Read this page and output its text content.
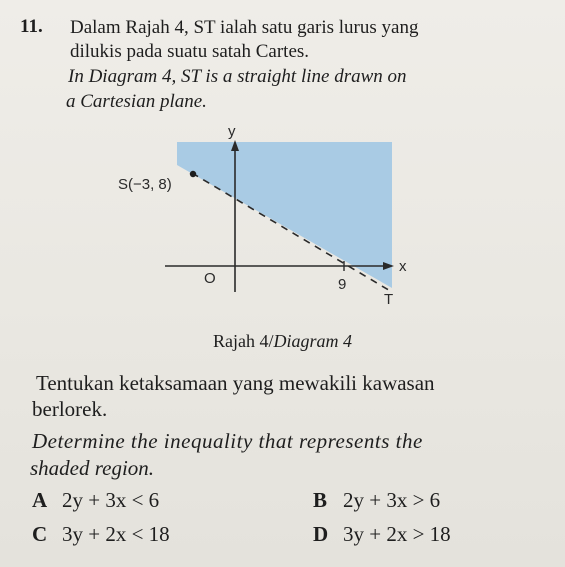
11. Dalam Rajah 4, ST ialah satu garis lurus yang
dilukis pada suatu satah Cartes.
In Diagram 4, ST is a straight line drawn on
a Cartesian plane.
y
x
O
S(−3, 8)
9
T
Rajah 4/Diagram 4
Tentukan ketaksamaan yang mewakili kawasan
berlorek.
Determine the inequality that represents the
shaded region.
A 2y + 3x < 6	B 2y + 3x > 6
C 3y + 2x < 18	D 3y + 2x > 18
